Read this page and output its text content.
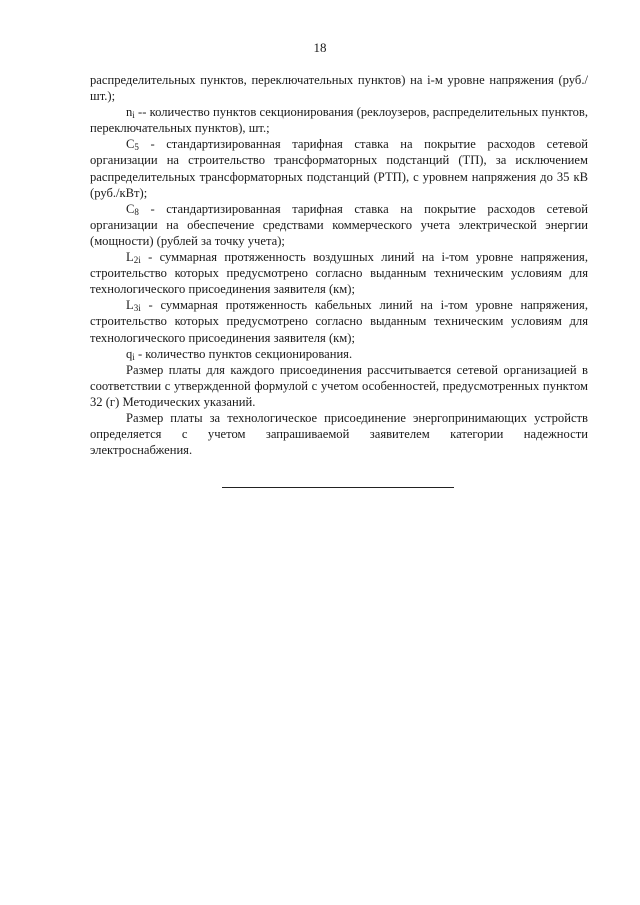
18

распределительных пунктов, переключательных пунктов) на i-м уровне напряжения (руб./шт.);

$n_i$ -- количество пунктов секционирования (реклоузеров, распределительных пунктов, переключательных пунктов), шт.;

$C_5$ - стандартизированная тарифная ставка на покрытие расходов сетевой организации на строительство трансформаторных подстанций (ТП), за исключением распределительных трансформаторных подстанций (РТП), с уровнем напряжения до 35 кВ (руб./кВт);

$C_8$ - стандартизированная тарифная ставка на покрытие расходов сетевой организации на обеспечение средствами коммерческого учета электрической энергии (мощности) (рублей за точку учета);

$L_{2i}$ - суммарная протяженность воздушных линий на i-том уровне напряжения, строительство которых предусмотрено согласно выданным техническим условиям для технологического присоединения заявителя (км);

$L_{3i}$ - суммарная протяженность кабельных линий на i-том уровне напряжения, строительство которых предусмотрено согласно выданным техническим условиям для технологического присоединения заявителя (км);

$q_i$ - количество пунктов секционирования.

Размер платы для каждого присоединения рассчитывается сетевой организацией в соответствии с утвержденной формулой с учетом особенностей, предусмотренных пунктом 32 (г) Методических указаний.

Размер платы за технологическое присоединение энергопринимающих устройств определяется с учетом запрашиваемой заявителем категории надежности электроснабжения.
